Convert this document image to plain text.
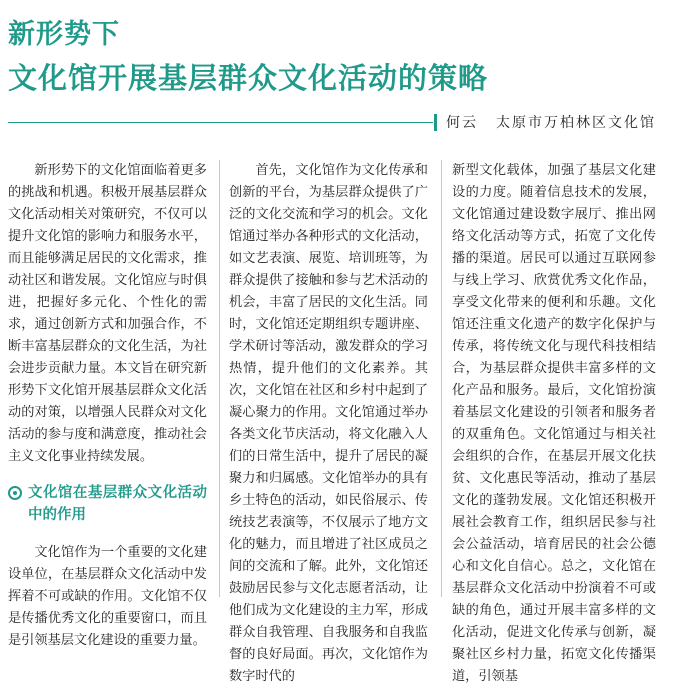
新形势下
文化馆开展基层群众文化活动的策略
何云 太原市万柏林区文化馆

新形势下的文化馆面临着更多的挑战和机遇。积极开展基层群众文化活动相关对策研究，不仅可以提升文化馆的影响力和服务水平，而且能够满足居民的文化需求，推动社区和谐发展。文化馆应与时俱进，把握好多元化、个性化的需求，通过创新方式和加强合作，不断丰富基层群众的文化生活，为社会进步贡献力量。本文旨在研究新形势下文化馆开展基层群众文化活动的对策，以增强人民群众对文化活动的参与度和满意度，推动社会主义文化事业持续发展。

文化馆在基层群众文化活动中的作用

文化馆作为一个重要的文化建设单位，在基层群众文化活动中发挥着不可或缺的作用。文化馆不仅是传播优秀文化的重要窗口，而且是引领基层文化建设的重要力量。

首先，文化馆作为文化传承和创新的平台，为基层群众提供了广泛的文化交流和学习的机会。文化馆通过举办各种形式的文化活动，如文艺表演、展览、培训班等，为群众提供了接触和参与艺术活动的机会，丰富了居民的文化生活。同时，文化馆还定期组织专题讲座、学术研讨等活动，激发群众的学习热情，提升他们的文化素养。其次，文化馆在社区和乡村中起到了凝心聚力的作用。文化馆通过举办各类文化节庆活动，将文化融入人们的日常生活中，提升了居民的凝聚力和归属感。文化馆举办的具有乡土特色的活动，如民俗展示、传统技艺表演等，不仅展示了地方文化的魅力，而且增进了社区成员之间的交流和了解。此外，文化馆还鼓励居民参与文化志愿者活动，让他们成为文化建设的主力军，形成群众自我管理、自我服务和自我监督的良好局面。再次，文化馆作为数字时代的

新型文化载体，加强了基层文化建设的力度。随着信息技术的发展，文化馆通过建设数字展厅、推出网络文化活动等方式，拓宽了文化传播的渠道。居民可以通过互联网参与线上学习、欣赏优秀文化作品，享受文化带来的便利和乐趣。文化馆还注重文化遗产的数字化保护与传承，将传统文化与现代科技相结合，为基层群众提供丰富多样的文化产品和服务。最后，文化馆扮演着基层文化建设的引领者和服务者的双重角色。文化馆通过与相关社会组织的合作，在基层开展文化扶贫、文化惠民等活动，推动了基层文化的蓬勃发展。文化馆还积极开展社会教育工作，组织居民参与社会公益活动，培育居民的社会公德心和文化自信心。总之，文化馆在基层群众文化活动中扮演着不可或缺的角色，通过开展丰富多样的文化活动，促进文化传承与创新，凝聚社区乡村力量，拓宽文化传播渠道，引领基
